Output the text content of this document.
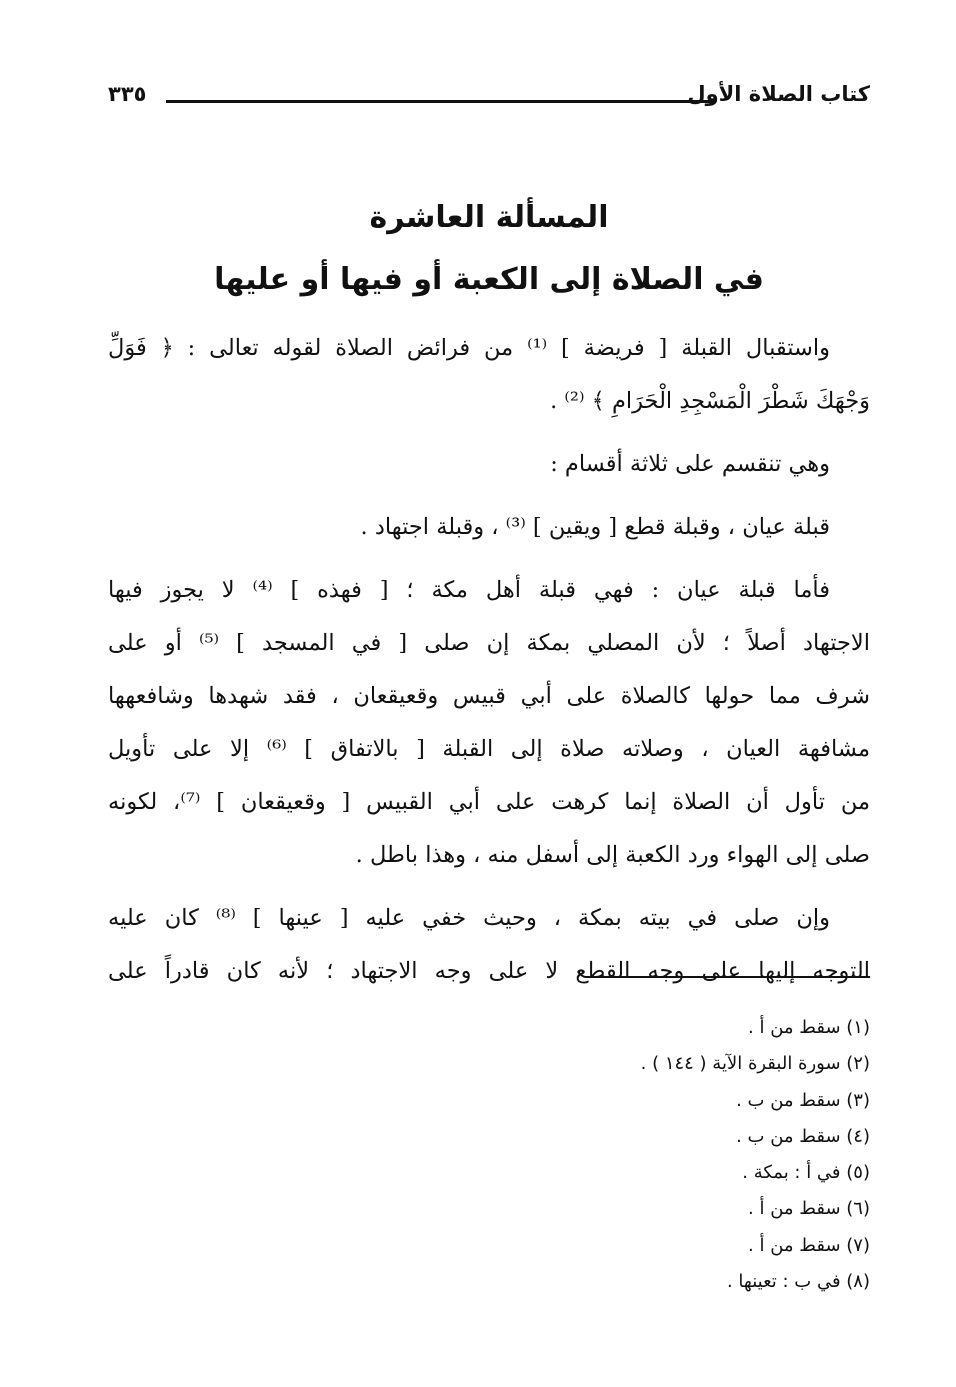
كتاب الصلاة الأول
٣٣٥
المسألة العاشرة
في الصلاة إلى الكعبة أو فيها أو عليها
واستقبال القبلة [ فريضة ] ⁽¹⁾ من فرائض الصلاة لقوله تعالى : ﴿ فَوَلِّ
وَجْهَكَ شَطْرَ الْمَسْجِدِ الْحَرَامِ ﴾ ⁽²⁾ .
وهي تنقسم على ثلاثة أقسام :
قبلة عيان ، وقبلة قطع [ ويقين ] ⁽³⁾ ، وقبلة اجتهاد .
فأما قبلة عيان : فهي قبلة أهل مكة ؛ [ فهذه ] ⁽⁴⁾ لا يجوز فيها
الاجتهاد أصلاً ؛ لأن المصلي بمكة إن صلى [ في المسجد ] ⁽⁵⁾ أو على
شرف مما حولها كالصلاة على أبي قبيس وقعيقعان ، فقد شهدها وشافعهها
مشافهة العيان ، وصلاته صلاة إلى القبلة [ بالاتفاق ] ⁽⁶⁾ إلا على تأويل
من تأول أن الصلاة إنما كرهت على أبي القبيس [ وقعيقعان ] ⁽⁷⁾، لكونه
صلى إلى الهواء ورد الكعبة إلى أسفل منه ، وهذا باطل .
وإن صلى في بيته بمكة ، وحيث خفي عليه [ عينها ] ⁽⁸⁾ كان عليه
التوجه إليها على وجه القطع لا على وجه الاجتهاد ؛ لأنه كان قادراً على
(١) سقط من أ .
(٢) سورة البقرة الآية ( ١٤٤ ) .
(٣) سقط من ب .
(٤) سقط من ب .
(٥) في أ : بمكة .
(٦) سقط من أ .
(٧) سقط من أ .
(٨) في ب : تعينها .
